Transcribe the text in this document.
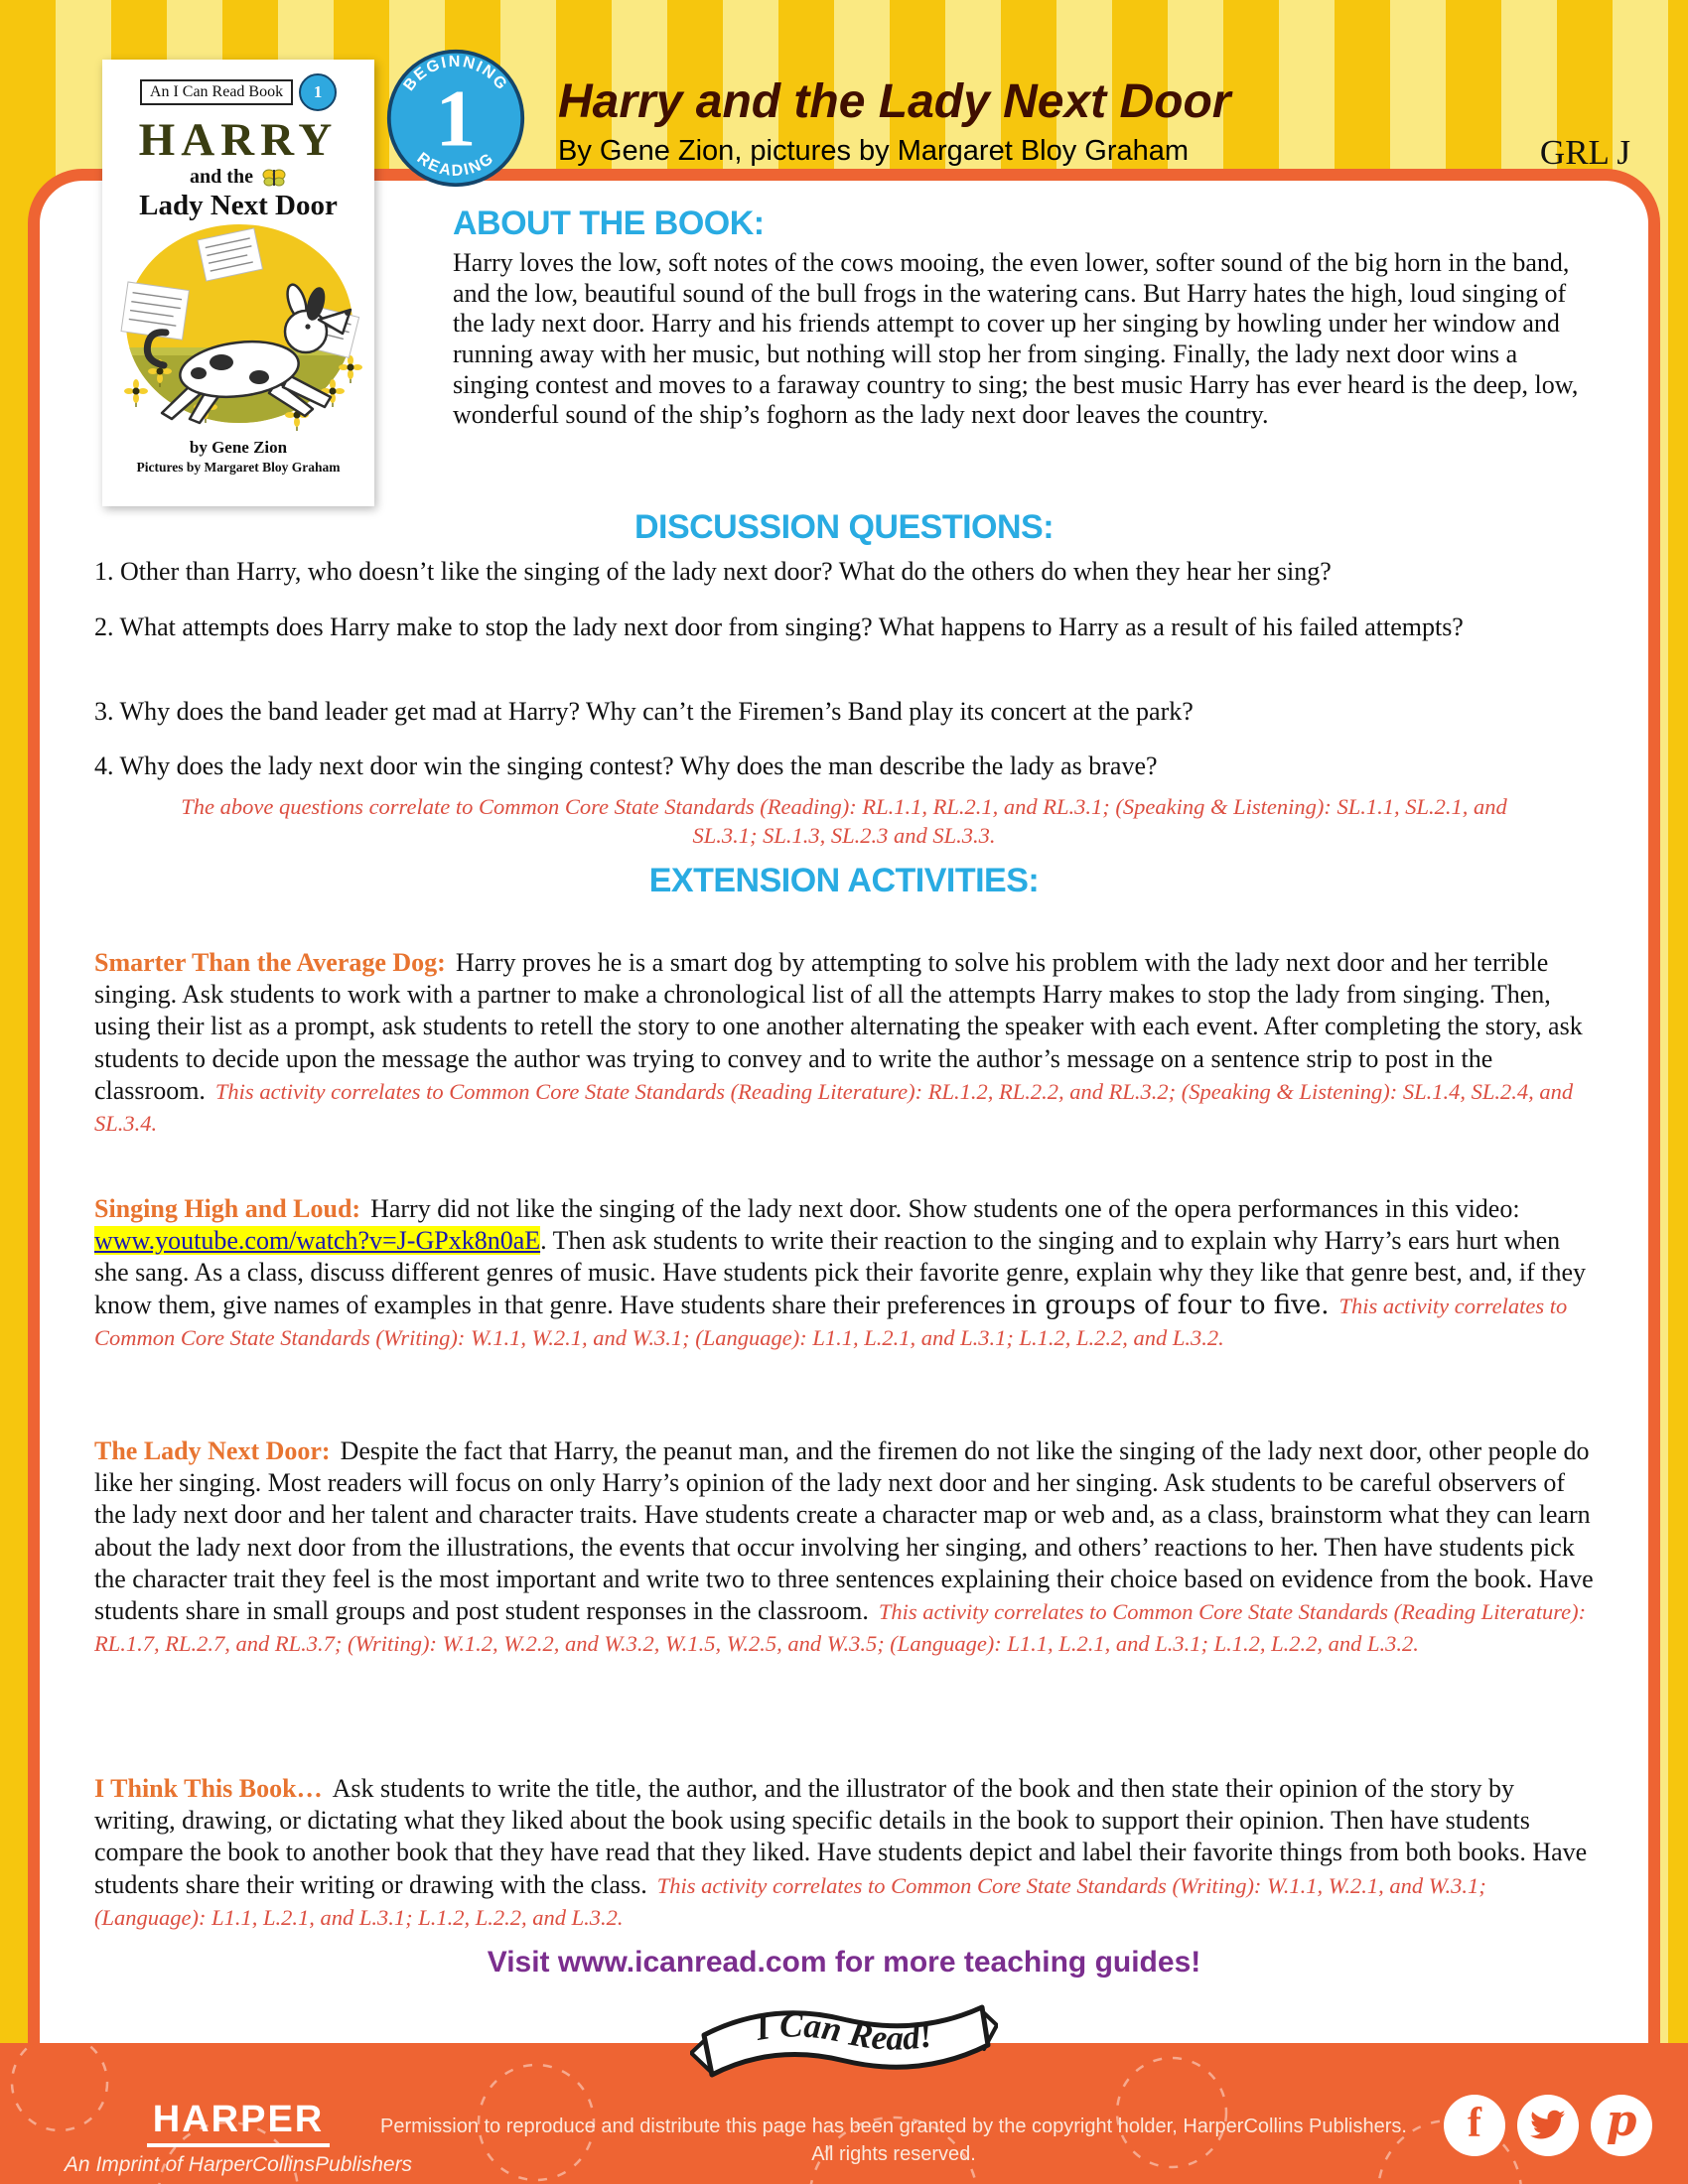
An I Can Read Book	1
HARRY
and the
Lady Next Door
by Gene Zion
Pictures by Margaret Bloy Graham
BEGINNING
READING
1 Harry and the Lady Next Door
By Gene Zion, pictures by Margaret Bloy Graham	GRL J
ABOUT THE BOOK:
Harry loves the low, soft notes of the cows mooing, the even lower, softer sound of the big horn in the band, and the low, beautiful sound of the bull frogs in the watering cans. But Harry hates the high, loud singing of the lady next door. Harry and his friends attempt to cover up her singing by howling under her window and running away with her music, but nothing will stop her from singing. Finally, the lady next door wins a singing contest and moves to a faraway country to sing; the best music Harry has ever heard is the deep, low, wonderful sound of the ship’s foghorn as the lady next door leaves the country.
DISCUSSION QUESTIONS:
1. Other than Harry, who doesn’t like the singing of the lady next door? What do the others do when they hear her sing?
2. What attempts does Harry make to stop the lady next door from singing? What happens to Harry as a result of his failed attempts?
3. Why does the band leader get mad at Harry? Why can’t the Firemen’s Band play its concert at the park?
4. Why does the lady next door win the singing contest? Why does the man describe the lady as brave?
The above questions correlate to Common Core State Standards (Reading): RL.1.1, RL.2.1, and RL.3.1; (Speaking & Listening): SL.1.1, SL.2.1, and SL.3.1; SL.1.3, SL.2.3 and SL.3.3.
EXTENSION ACTIVITIES:

Smarter Than the Average Dog: Harry proves he is a smart dog by attempting to solve his problem with the lady next door and her terrible singing. Ask students to work with a partner to make a chronological list of all the attempts Harry makes to stop the lady from singing. Then, using their list as a prompt, ask students to retell the story to one another alternating the speaker with each event. After completing the story, ask students to decide upon the message the author was trying to convey and to write the author’s message on a sentence strip to post in the classroom. This activity correlates to Common Core State Standards (Reading Literature): RL.1.2, RL.2.2, and RL.3.2; (Speaking & Listening): SL.1.4, SL.2.4, and SL.3.4.

Singing High and Loud: Harry did not like the singing of the lady next door. Show students one of the opera performances in this video: www.youtube.com/watch?v=J-GPxk8n0aE. Then ask students to write their reaction to the singing and to explain why Harry’s ears hurt when she sang. As a class, discuss different genres of music. Have students pick their favorite genre, explain why they like that genre best, and, if they know them, give names of examples in that genre. Have students share their preferences in groups of four to five. This activity correlates to Common Core State Standards (Writing): W.1.1, W.2.1, and W.3.1; (Language): L1.1, L.2.1, and L.3.1; L.1.2, L.2.2, and L.3.2.

The Lady Next Door: Despite the fact that Harry, the peanut man, and the firemen do not like the singing of the lady next door, other people do like her singing. Most readers will focus on only Harry’s opinion of the lady next door and her singing. Ask students to be careful observers of the lady next door and her talent and character traits. Have students create a character map or web and, as a class, brainstorm what they can learn about the lady next door from the illustrations, the events that occur involving her singing, and others’ reactions to her. Then have students pick the character trait they feel is the most important and write two to three sentences explaining their choice based on evidence from the book. Have students share in small groups and post student responses in the classroom. This activity correlates to Common Core State Standards (Reading Literature): RL.1.7, RL.2.7, and RL.3.7; (Writing): W.1.2, W.2.2, and W.3.2, W.1.5, W.2.5, and W.3.5; (Language): L1.1, L.2.1, and L.3.1; L.1.2, L.2.2, and L.3.2.

I Think This Book… Ask students to write the title, the author, and the illustrator of the book and then state their opinion of the story by writing, drawing, or dictating what they liked about the book using specific details in the book to support their opinion. Then have students compare the book to another book that they have read that they liked. Have students depict and label their favorite things from both books. Have students share their writing or drawing with the class. This activity correlates to Common Core State Standards (Writing): W.1.1, W.2.1, and W.3.1; (Language): L1.1, L.2.1, and L.3.1; L.1.2, L.2.2, and L.3.2.

Visit www.icanread.com for more teaching guides!
I Can Read!
HARPER
An Imprint of HarperCollinsPublishers
Permission to reproduce and distribute this page has been granted by the copyright holder, HarperCollins Publishers.
All rights reserved.
f	p
